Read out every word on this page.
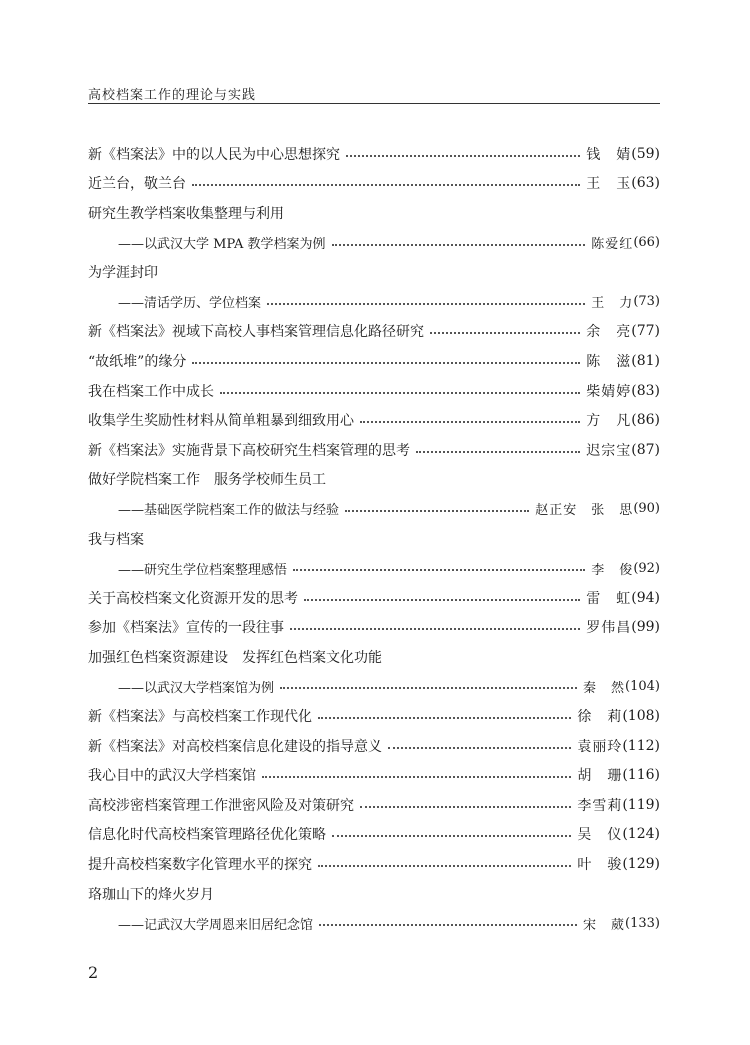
高校档案工作的理论与实践
新《档案法》中的以人民为中心思想探究	钱　婧 (59)
近兰台，敬兰台	王　玉 (63)
研究生教学档案收集整理与利用
——以武汉大学 MPA 教学档案为例	陈爱红 (66)
为学涯封印
——清话学历、学位档案	王　力 (73)
新《档案法》视域下高校人事档案管理信息化路径研究	余　亮 (77)
“故纸堆”的缘分	陈　滋 (81)
我在档案工作中成长	柴婧婷 (83)
收集学生奖励性材料从简单粗暴到细致用心	方　凡 (86)
新《档案法》实施背景下高校研究生档案管理的思考	迟宗宝 (87)
做好学院档案工作　服务学校师生员工
——基础医学院档案工作的做法与经验	赵正安　张　思 (90)
我与档案
——研究生学位档案整理感悟	李　俊 (92)
关于高校档案文化资源开发的思考	雷　虹 (94)
参加《档案法》宣传的一段往事	罗伟昌 (99)
加强红色档案资源建设　发挥红色档案文化功能
——以武汉大学档案馆为例	秦　然 (104)
新《档案法》与高校档案工作现代化	徐　莉 (108)
新《档案法》对高校档案信息化建设的指导意义	袁丽玲 (112)
我心目中的武汉大学档案馆	胡　珊 (116)
高校涉密档案管理工作泄密风险及对策研究	李雪莉 (119)
信息化时代高校档案管理路径优化策略	吴　仪 (124)
提升高校档案数字化管理水平的探究	叶　骏 (129)
珞珈山下的烽火岁月
——记武汉大学周恩来旧居纪念馆	宋　葳 (133)
2
